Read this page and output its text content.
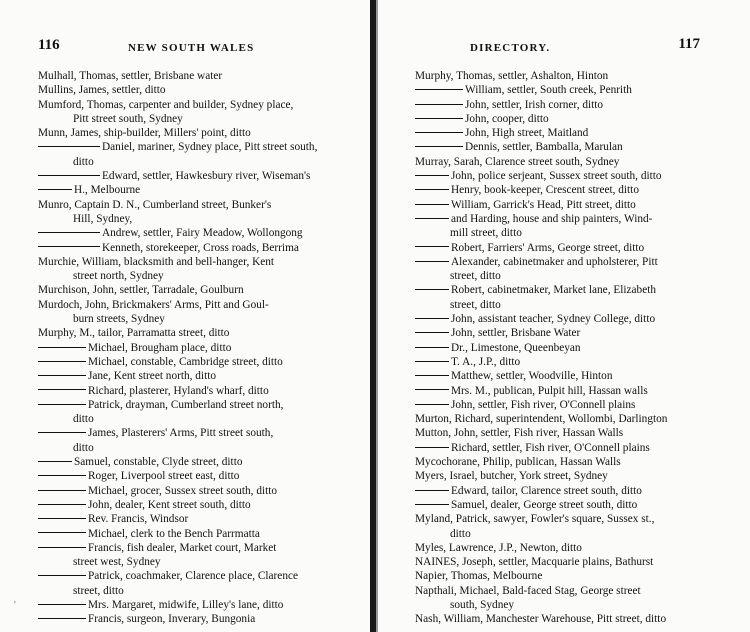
116	NEW SOUTH WALES
Mulhall, Thomas, settler, Brisbane water
Mullins, James, settler, ditto
Mumford, Thomas, carpenter and builder, Sydney place,
Pitt street south, Sydney
Munn, James, ship-builder, Millers' point, ditto
Daniel, mariner, Sydney place, Pitt street south,
ditto
Edward, settler, Hawkesbury river, Wiseman's
H., Melbourne
Munro, Captain D. N., Cumberland street, Bunker's
Hill, Sydney,
Andrew, settler, Fairy Meadow, Wollongong
Kenneth, storekeeper, Cross roads, Berrima
Murchie, William, blacksmith and bell-hanger, Kent
street north, Sydney
Murchison, John, settler, Tarradale, Goulburn
Murdoch, John, Brickmakers' Arms, Pitt and Goul-
burn streets, Sydney
Murphy, M., tailor, Parramatta street, ditto
Michael, Brougham place, ditto
Michael, constable, Cambridge street, ditto
Jane, Kent street north, ditto
Richard, plasterer, Hyland's wharf, ditto
Patrick, drayman, Cumberland street north,
ditto
James, Plasterers' Arms, Pitt street south,
ditto
Samuel, constable, Clyde street, ditto
Roger, Liverpool street east, ditto
Michael, grocer, Sussex street south, ditto
John, dealer, Kent street south, ditto
Rev. Francis, Windsor
Michael, clerk to the Bench Parrmatta
Francis, fish dealer, Market court, Market
street west, Sydney
Patrick, coachmaker, Clarence place, Clarence
street, ditto
Mrs. Margaret, midwife, Lilley's lane, ditto
Francis, surgeon, Inverary, Bungonia
'
DIRECTORY.	117
Murphy, Thomas, settler, Ashalton, Hinton
William, settler, South creek, Penrith
John, settler, Irish corner, ditto
John, cooper, ditto
John, High street, Maitland
Dennis, settler, Bamballa, Marulan
Murray, Sarah, Clarence street south, Sydney
John, police serjeant, Sussex street south, ditto
Henry, book-keeper, Crescent street, ditto
William, Garrick's Head, Pitt street, ditto
and Harding, house and ship painters, Wind-
mill street, ditto
Robert, Farriers' Arms, George street, ditto
Alexander, cabinetmaker and upholsterer, Pitt
street, ditto
Robert, cabinetmaker, Market lane, Elizabeth
street, ditto
John, assistant teacher, Sydney College, ditto
John, settler, Brisbane Water
Dr., Limestone, Queenbeyan
T. A., J.P., ditto
Matthew, settler, Woodville, Hinton
Mrs. M., publican, Pulpit hill, Hassan walls
John, settler, Fish river, O'Connell plains
Murton, Richard, superintendent, Wollombi, Darlington
Mutton, John, settler, Fish river, Hassan Walls
Richard, settler, Fish river, O'Connell plains
Mycochorane, Philip, publican, Hassan Walls
Myers, Israel, butcher, York street, Sydney
Edward, tailor, Clarence street south, ditto
Samuel, dealer, George street south, ditto
Myland, Patrick, sawyer, Fowler's square, Sussex st.,
ditto
Myles, Lawrence, J.P., Newton, ditto
NAINES, Joseph, settler, Macquarie plains, Bathurst
Napier, Thomas, Melbourne
Napthali, Michael, Bald-faced Stag, George street
south, Sydney
Nash, William, Manchester Warehouse, Pitt street, ditto
